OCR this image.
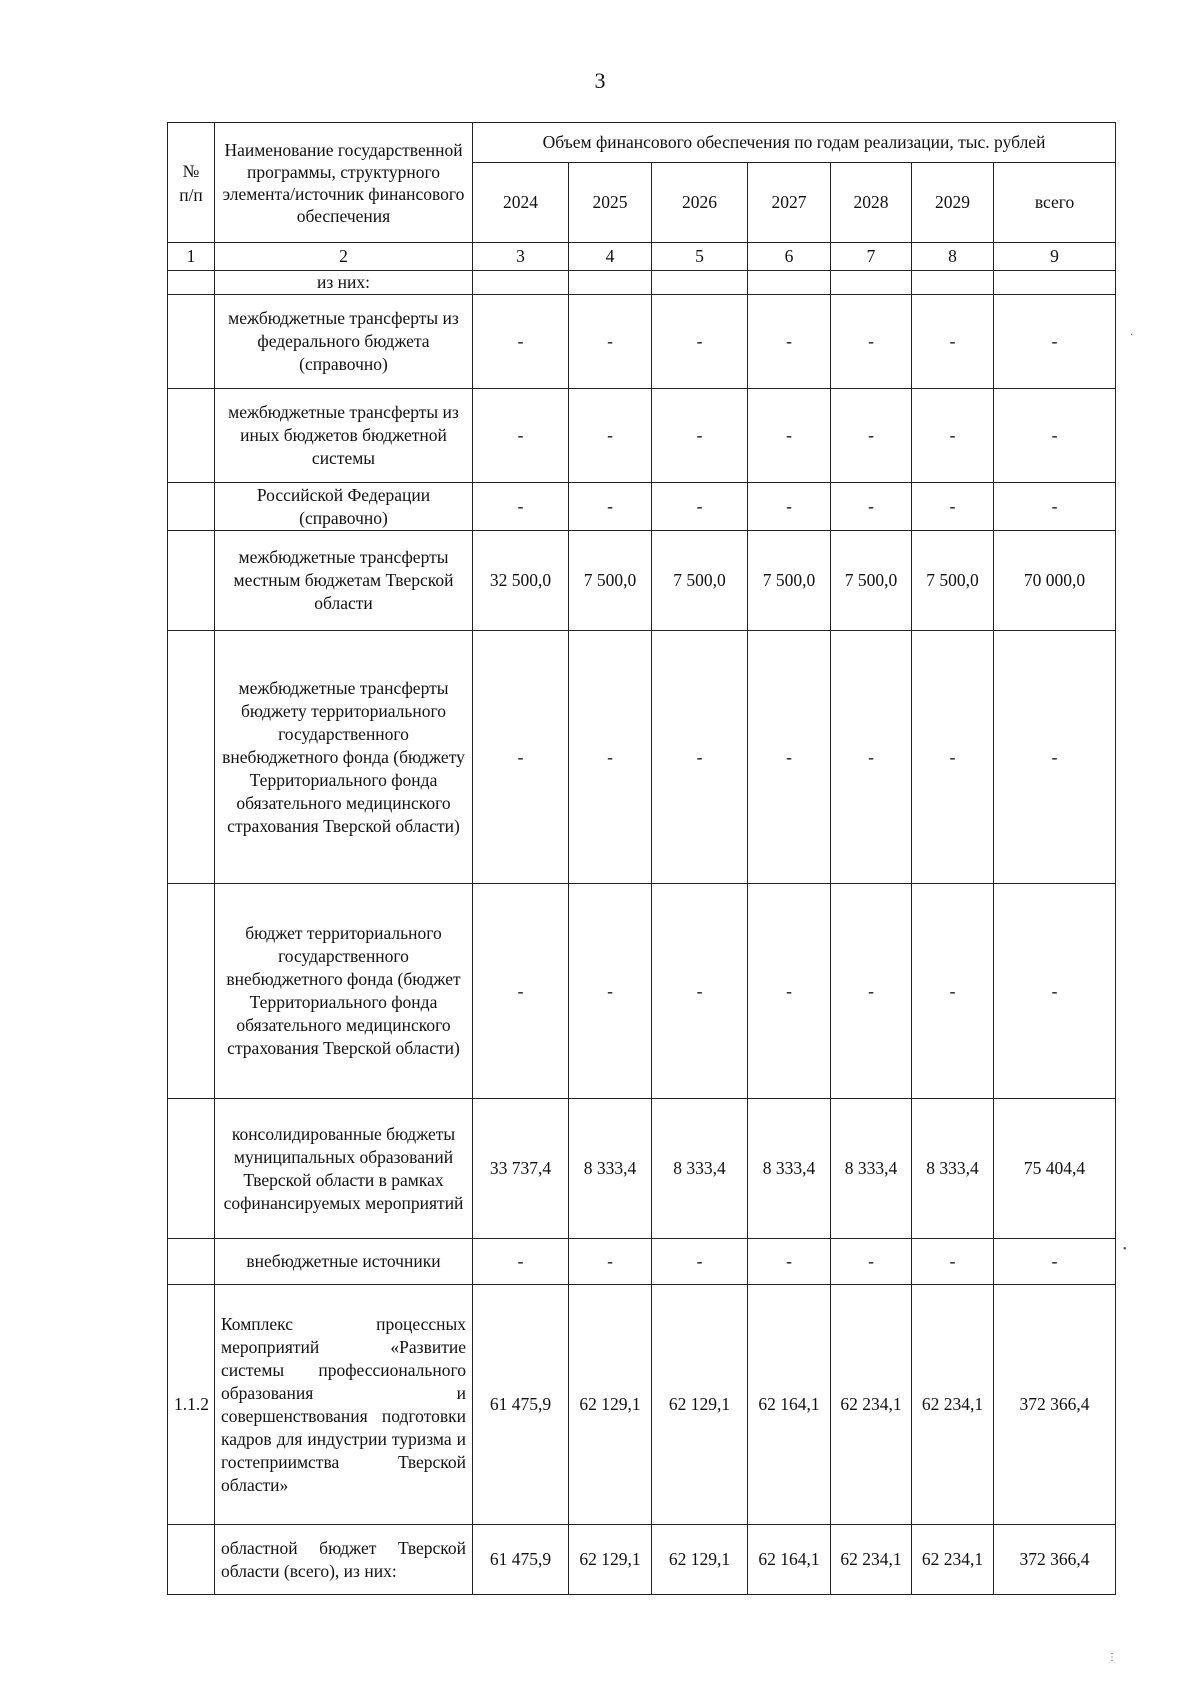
3
№ п/п	Наименование государственной программы, структурного элемента/источник финансового обеспечения	Объем финансового обеспечения по годам реализации, тыс. рублей						
		2024	2025	2026	2027	2028	2029	всего
1	2	3	4	5	6	7	8	9
	из них:							
	межбюджетные трансферты из федерального бюджета (справочно)	-	-	-	-	-	-	-
	межбюджетные трансферты из иных бюджетов бюджетной системы	-	-	-	-	-	-	-
	Российской Федерации (справочно)	-	-	-	-	-	-	-
	межбюджетные трансферты местным бюджетам Тверской области	32 500,0	7 500,0	7 500,0	7 500,0	7 500,0	7 500,0	70 000,0
	межбюджетные трансферты бюджету территориального государственного внебюджетного фонда (бюджету Территориального фонда обязательного медицинского страхования Тверской области)	-	-	-	-	-	-	-
	бюджет территориального государственного внебюджетного фонда (бюджет Территориального фонда обязательного медицинского страхования Тверской области)	-	-	-	-	-	-	-
	консолидированные бюджеты муниципальных образований Тверской области в рамках софинансируемых мероприятий	33 737,4	8 333,4	8 333,4	8 333,4	8 333,4	8 333,4	75 404,4
	внебюджетные источники	-	-	-	-	-	-	-
1.1.2	Комплекс процессных мероприятий «Развитие системы профессионального образования и совершенствования подготовки кадров для индустрии туризма и гостеприимства Тверской области»	61 475,9	62 129,1	62 129,1	62 164,1	62 234,1	62 234,1	372 366,4
	областной бюджет Тверской области (всего), из них:	61 475,9	62 129,1	62 129,1	62 164,1	62 234,1	62 234,1	372 366,4
·
•
⋮
